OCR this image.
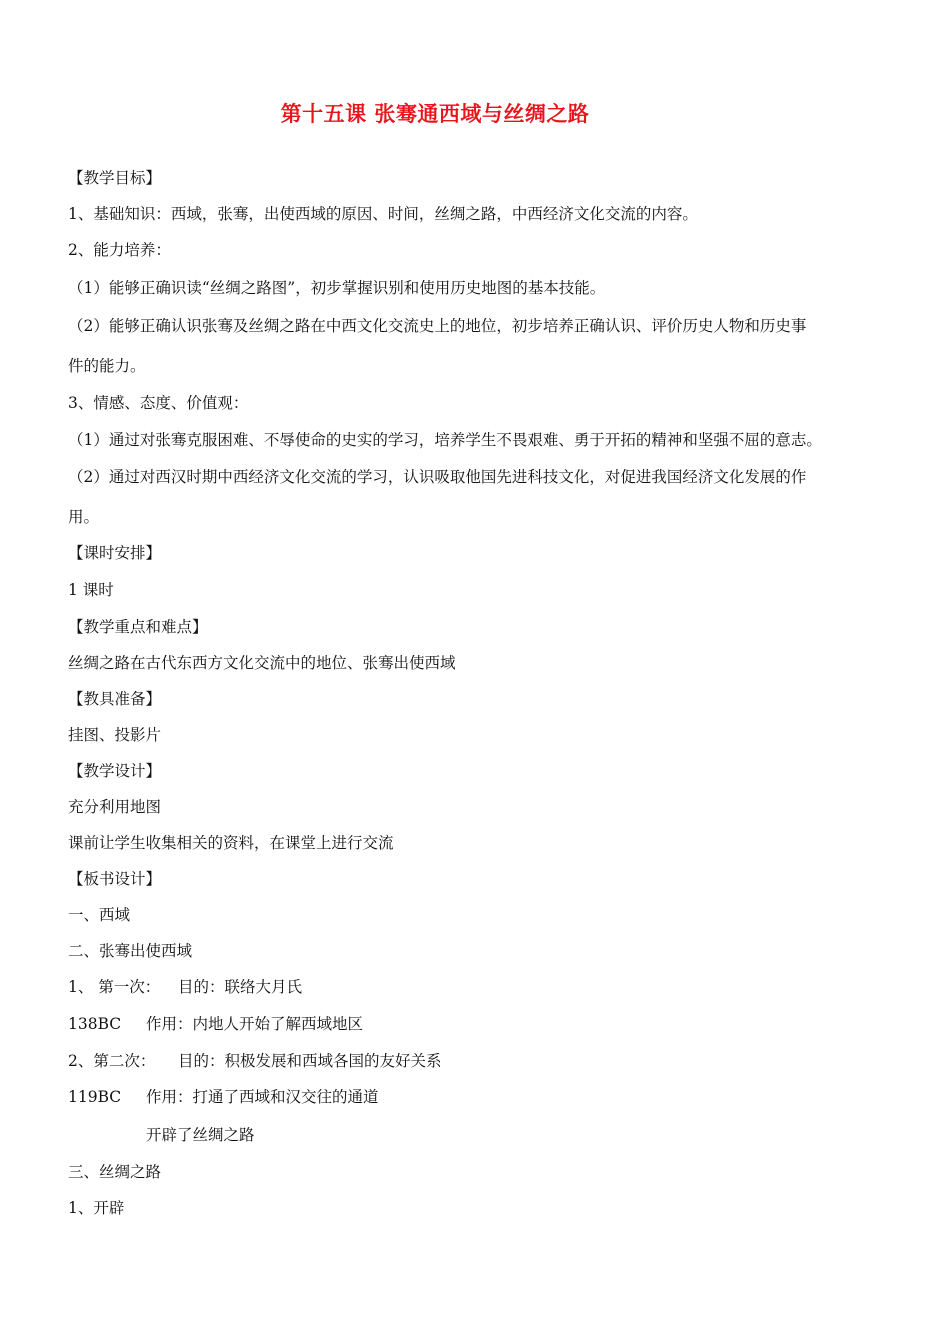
第十五课 张骞通西域与丝绸之路
【教学目标】
1、基础知识：西域，张骞，出使西域的原因、时间，丝绸之路，中西经济文化交流的内容。
2、能力培养：
（1）能够正确识读“丝绸之路图”，初步掌握识别和使用历史地图的基本技能。
（2）能够正确认识张骞及丝绸之路在中西文化交流史上的地位，初步培养正确认识、评价历史人物和历史事
件的能力。
3、情感、态度、价值观：
（1）通过对张骞克服困难、不辱使命的史实的学习，培养学生不畏艰难、勇于开拓的精神和坚强不屈的意志。
（2）通过对西汉时期中西经济文化交流的学习，认识吸取他国先进科技文化，对促进我国经济文化发展的作
用。
【课时安排】
1 课时
【教学重点和难点】
丝绸之路在古代东西方文化交流中的地位、张骞出使西域
【教具准备】
挂图、投影片
【教学设计】
充分利用地图
课前让学生收集相关的资料，在课堂上进行交流
【板书设计】
一、西域
二、张骞出使西域
1、 第一次： 目的：联络大月氏
138BC 作用：内地人开始了解西域地区
2、第二次： 目的：积极发展和西域各国的友好关系
119BC 作用：打通了西域和汉交往的通道
开辟了丝绸之路
三、丝绸之路
1、开辟
